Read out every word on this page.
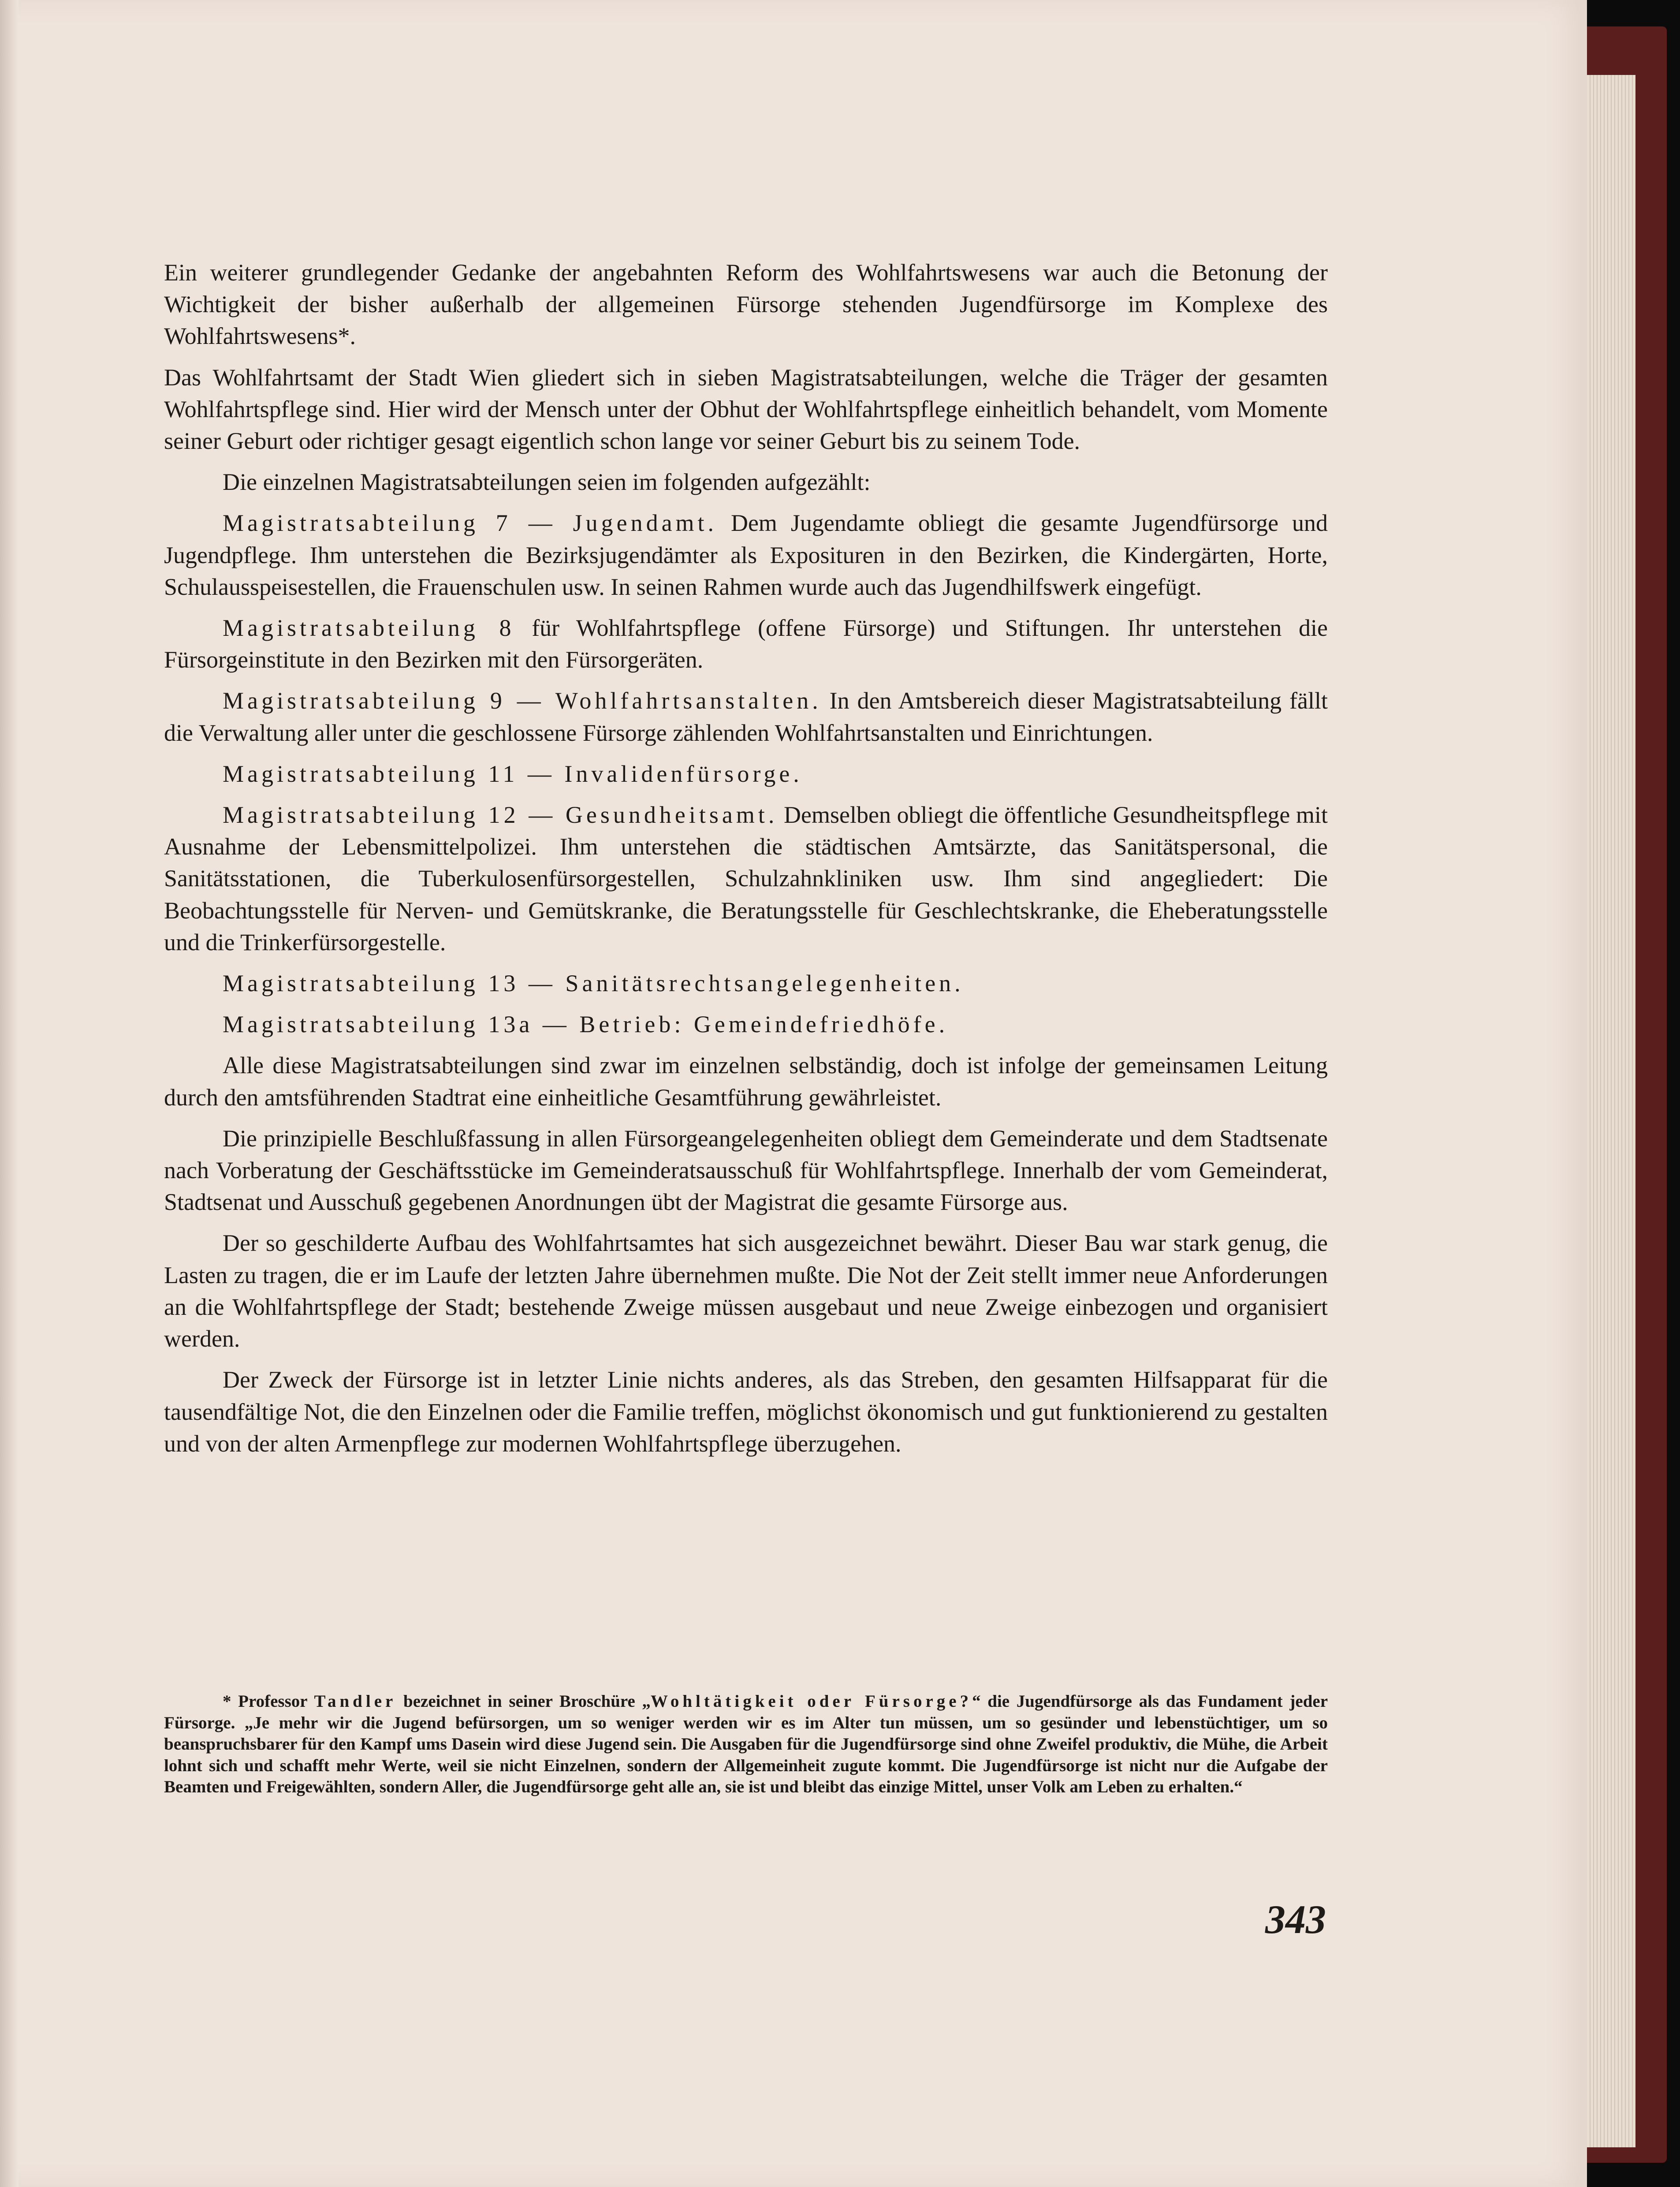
Ein weiterer grundlegender Gedanke der angebahnten Reform des Wohlfahrtswesens war auch die Betonung der Wichtigkeit der bisher außerhalb der allgemeinen Fürsorge stehenden Jugendfürsorge im Komplexe des Wohlfahrtswesens*.

Das Wohlfahrtsamt der Stadt Wien gliedert sich in sieben Magistratsabteilungen, welche die Träger der gesamten Wohlfahrtspflege sind. Hier wird der Mensch unter der Obhut der Wohlfahrtspflege einheitlich behandelt, vom Momente seiner Geburt oder richtiger gesagt eigentlich schon lange vor seiner Geburt bis zu seinem Tode.

Die einzelnen Magistratsabteilungen seien im folgenden aufgezählt:

Magistratsabteilung 7 — Jugendamt. Dem Jugendamte obliegt die gesamte Jugendfürsorge und Jugendpflege. Ihm unterstehen die Bezirksjugendämter als Exposituren in den Bezirken, die Kindergärten, Horte, Schulausspeisestellen, die Frauenschulen usw. In seinen Rahmen wurde auch das Jugendhilfswerk eingefügt.

Magistratsabteilung 8 für Wohlfahrtspflege (offene Fürsorge) und Stiftungen. Ihr unterstehen die Fürsorgeinstitute in den Bezirken mit den Fürsorgeräten.

Magistratsabteilung 9 — Wohlfahrtsanstalten. In den Amtsbereich dieser Magistratsabteilung fällt die Verwaltung aller unter die geschlossene Fürsorge zählenden Wohlfahrtsanstalten und Einrichtungen.

Magistratsabteilung 11 — Invalidenfürsorge.

Magistratsabteilung 12 — Gesundheitsamt. Demselben obliegt die öffentliche Gesundheitspflege mit Ausnahme der Lebensmittelpolizei. Ihm unterstehen die städtischen Amtsärzte, das Sanitätspersonal, die Sanitätsstationen, die Tuberkulosenfürsorgestellen, Schulzahnkliniken usw. Ihm sind angegliedert: Die Beobachtungsstelle für Nerven- und Gemütskranke, die Beratungsstelle für Geschlechtskranke, die Eheberatungsstelle und die Trinkerfürsorgestelle.

Magistratsabteilung 13 — Sanitätsrechtsangelegenheiten.

Magistratsabteilung 13a — Betrieb: Gemeindefriedhöfe.

Alle diese Magistratsabteilungen sind zwar im einzelnen selbständig, doch ist infolge der gemeinsamen Leitung durch den amtsführenden Stadtrat eine einheitliche Gesamtführung gewährleistet.

Die prinzipielle Beschlußfassung in allen Fürsorgeangelegenheiten obliegt dem Gemeinderate und dem Stadtsenate nach Vorberatung der Geschäftsstücke im Gemeinderatsausschuß für Wohlfahrtspflege. Innerhalb der vom Gemeinderat, Stadtsenat und Ausschuß gegebenen Anordnungen übt der Magistrat die gesamte Fürsorge aus.

Der so geschilderte Aufbau des Wohlfahrtsamtes hat sich ausgezeichnet bewährt. Dieser Bau war stark genug, die Lasten zu tragen, die er im Laufe der letzten Jahre übernehmen mußte. Die Not der Zeit stellt immer neue Anforderungen an die Wohlfahrtspflege der Stadt; bestehende Zweige müssen ausgebaut und neue Zweige einbezogen und organisiert werden.

Der Zweck der Fürsorge ist in letzter Linie nichts anderes, als das Streben, den gesamten Hilfsapparat für die tausendfältige Not, die den Einzelnen oder die Familie treffen, möglichst ökonomisch und gut funktionierend zu gestalten und von der alten Armenpflege zur modernen Wohlfahrtspflege überzugehen.

* Professor Tandler bezeichnet in seiner Broschüre „Wohltätigkeit oder Fürsorge?“ die Jugendfürsorge als das Fundament jeder Fürsorge. „Je mehr wir die Jugend befürsorgen, um so weniger werden wir es im Alter tun müssen, um so gesünder und lebenstüchtiger, um so beanspruchsbarer für den Kampf ums Dasein wird diese Jugend sein. Die Ausgaben für die Jugendfürsorge sind ohne Zweifel produktiv, die Mühe, die Arbeit lohnt sich und schafft mehr Werte, weil sie nicht Einzelnen, sondern der Allgemeinheit zugute kommt. Die Jugendfürsorge ist nicht nur die Aufgabe der Beamten und Freigewählten, sondern Aller, die Jugendfürsorge geht alle an, sie ist und bleibt das einzige Mittel, unser Volk am Leben zu erhalten.“

343
